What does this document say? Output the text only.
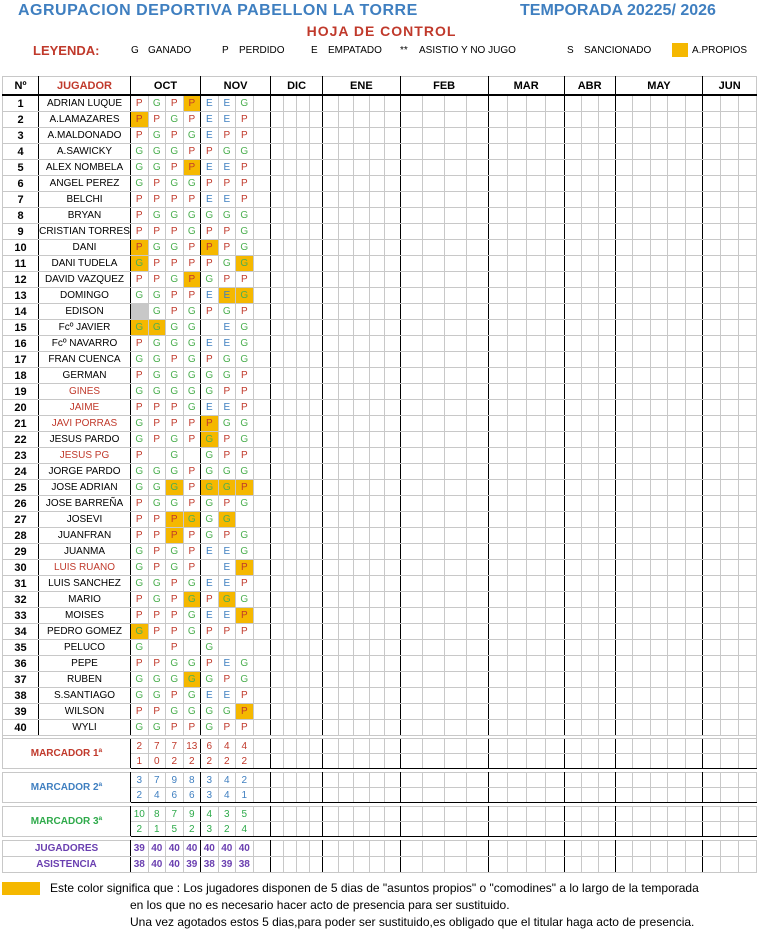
AGRUPACION DEPORTIVA PABELLON LA TORRE	TEMPORADA 20225/ 2026
HOJA DE CONTROL
LEYENDA:	G GANADO	P PERDIDO	E EMPATADO ** ASISTIO Y NO JUGO	S SANCIONADO	A.PROPIOS
Nº	JUGADOR	OCT				NOV				DIC				ENE					FEB				MAR				ABR			MAY					JUN		
1	ADRIAN LUQUE	P	G	P	P	E	E	G																													
2	A.LAMAZARES	P	P	G	P	E	E	P																													
3	A.MALDONADO	P	G	P	G	E	P	P																													
4	A.SAWICKY	G	G	G	P	P	G	G																													
5	ALEX NOMBELA	G	G	P	P	E	E	P																													
6	ANGEL PEREZ	G	P	G	G	P	P	P																													
7	BELCHI	P	P	P	P	E	E	P																													
8	BRYAN	P	G	G	G	G	G	G																													
9	CRISTIAN TORRES	P	P	P	G	P	P	G																													
10	DANI	P	G	G	P	P	P	G																													
11	DANI TUDELA	G	P	P	P	P	G	G																													
12	DAVID VAZQUEZ	P	P	G	P	G	P	P																													
13	DOMINGO	G	G	P	P	E	E	G																													
14	EDISON		G	P	G	P	G	P																													
15	Fcº JAVIER	G	G	G	G		E	G																													
16	Fcº NAVARRO	P	G	G	G	E	E	G																													
17	FRAN CUENCA	G	G	P	G	P	G	G																													
18	GERMAN	P	G	G	G	G	G	P																													
19	GINES	G	G	G	G	G	P	P																													
20	JAIME	P	P	P	G	E	E	P																													
21	JAVI PORRAS	G	P	P	P	P	G	G																													
22	JESUS PARDO	G	P	G	P	G	P	G																													
23	JESUS PG	P		G		G	P	P																													
24	JORGE PARDO	G	G	G	P	G	G	G																													
25	JOSE ADRIAN	G	G	G	P	G	G	P																													
26	JOSE BARREÑA	P	G	G	P	G	P	G																													
27	JOSEVI	P	P	P	G	G	G																														
28	JUANFRAN	P	P	P	P	G	P	G																													
29	JUANMA	G	P	G	P	E	E	G																													
30	LUIS RUANO	G	P	G	P		E	P																													
31	LUIS SANCHEZ	G	G	P	G	E	E	P																													
32	MARIO	P	G	P	G	P	G	G																													
33	MOISES	P	P	P	G	E	E	P																													
34	PEDRO GOMEZ	G	P	P	G	P	P	P																													
35	PELUCO	G		P		G																															
36	PEPE	P	P	G	G	P	E	G																													
37	RUBEN	G	G	G	G	G	P	G																													
38	S.SANTIAGO	G	G	P	G	E	E	P																													
39	WILSON	P	P	G	G	G	G	P																													
40	WYLI	G	G	P	P	G	P	P																													

MARCADOR 1ª		2	7	7	13	6	4	4																													
		1	0	2	2	2	2	2																													

MARCADOR 2ª		3	7	9	8	3	4	2																													
		2	4	6	6	3	4	1																													

MARCADOR 3ª		10	8	7	9	4	3	5																													
		2	1	5	2	3	2	4																													

JUGADORES		39	40	40	40	40	40	40																													
ASISTENCIA		38	40	40	39	38	39	38																													
Este color significa que : Los jugadores disponen de 5 dias de "asuntos propios" o "comodines" a lo largo de la temporada
en los que no es necesario hacer acto de presencia para ser sustituido.
Una vez agotados estos 5 dias,para poder ser sustituido,es obligado que el titular haga acto de presencia.
